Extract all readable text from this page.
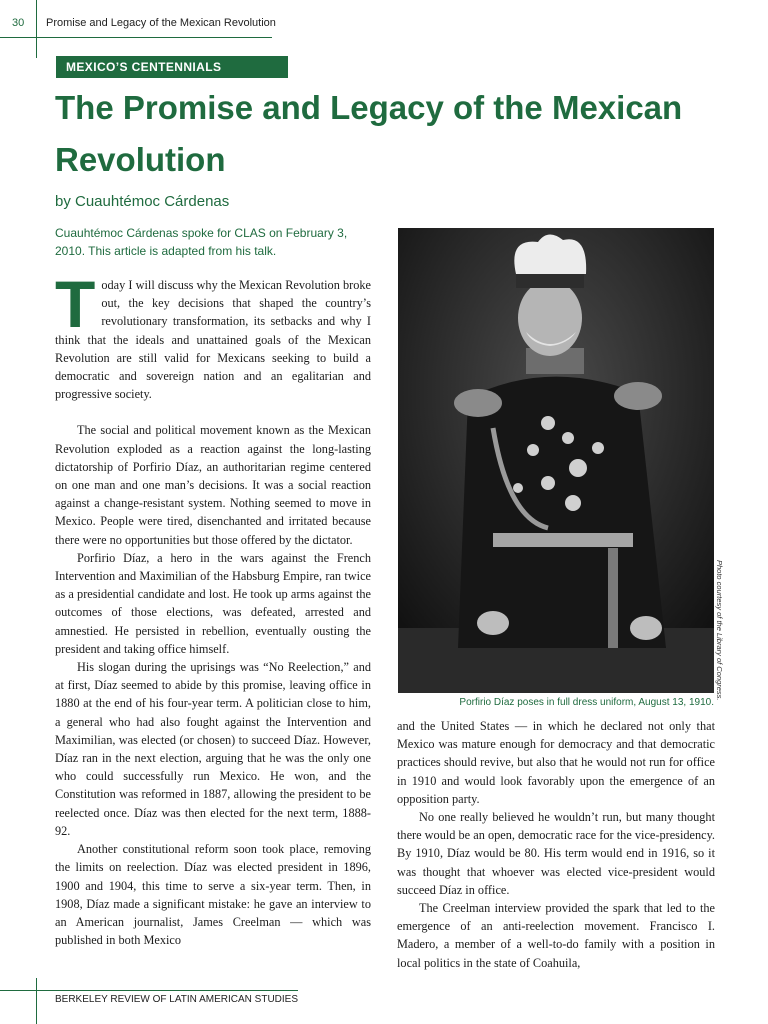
30 Promise and Legacy of the Mexican Revolution
MEXICO’S CENTENNIALS
The Promise and Legacy of the Mexican Revolution
by Cuauhtémoc Cárdenas
Cuauhtémoc Cárdenas spoke for CLAS on February 3, 2010. This article is adapted from his talk.

Today I will discuss why the Mexican Revolution broke out, the key decisions that shaped the country’s revolutionary transformation, its setbacks and why I think that the ideals and unattained goals of the Mexican Revolution are still valid for Mexicans seeking to build a democratic and sovereign nation and an egalitarian and progressive society.

The social and political movement known as the Mexican Revolution exploded as a reaction against the long-lasting dictatorship of Porfirio Díaz, an authoritarian regime centered on one man and one man’s decisions. It was a social reaction against a change-resistant system. Nothing seemed to move in Mexico. People were tired, disenchanted and irritated because there were no opportunities but those offered by the dictator.

Porfirio Díaz, a hero in the wars against the French Intervention and Maximilian of the Habsburg Empire, ran twice as a presidential candidate and lost. He took up arms against the outcomes of those elections, was defeated, arrested and amnestied. He persisted in rebellion, eventually ousting the president and taking office himself.

His slogan during the uprisings was “No Reelection,” and at first, Díaz seemed to abide by this promise, leaving office in 1880 at the end of his four-year term. A politician close to him, a general who had also fought against the Intervention and Maximilian, was elected (or chosen) to succeed Díaz. However, Díaz ran in the next election, arguing that he was the only one who could successfully run Mexico. He won, and the Constitution was reformed in 1887, allowing the president to be reelected once. Díaz was then elected for the next term, 1888-92.

Another constitutional reform soon took place, removing the limits on reelection. Díaz was elected president in 1896, 1900 and 1904, this time to serve a six-year term. Then, in 1908, Díaz made a significant mistake: he gave an interview to an American journalist, James Creelman — which was published in both Mexico

Porfirio Díaz poses in full dress uniform, August 13, 1910.
Photo courtesy of the Library of Congress.

and the United States — in which he declared not only that Mexico was mature enough for democracy and that democratic practices should revive, but also that he would not run for office in 1910 and would look favorably upon the emergence of an opposition party.

No one really believed he wouldn’t run, but many thought there would be an open, democratic race for the vice-presidency. By 1910, Díaz would be 80. His term would end in 1916, so it was thought that whoever was elected vice-president would succeed Díaz in office.

The Creelman interview provided the spark that led to the emergence of an anti-reelection movement. Francisco I. Madero, a member of a well-to-do family with a position in local politics in the state of Coahuila,

BERKELEY REVIEW OF LATIN AMERICAN STUDIES
